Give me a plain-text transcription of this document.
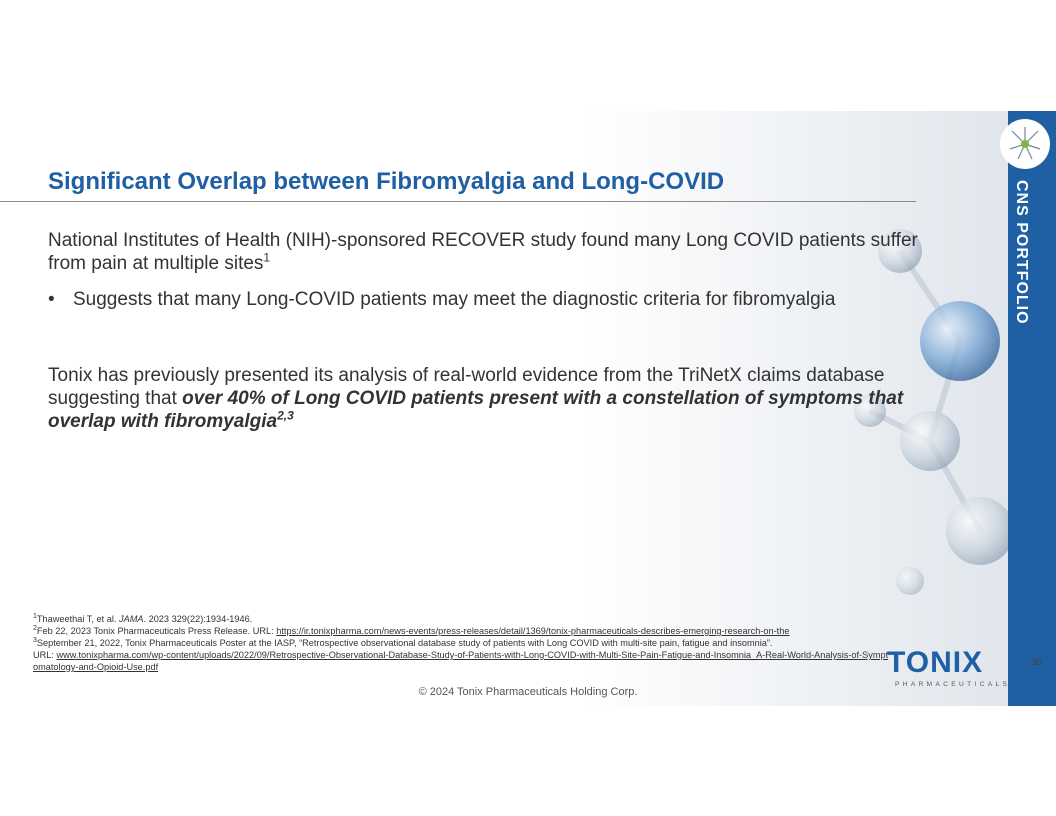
CNS PORTFOLIO
Significant Overlap between Fibromyalgia and Long-COVID
National Institutes of Health (NIH)-sponsored RECOVER study found many Long COVID patients suffer from pain at multiple sites$^1$
• Suggests that many Long-COVID patients may meet the diagnostic criteria for fibromyalgia
Tonix has previously presented its analysis of real-world evidence from the TriNetX claims database suggesting that over 40% of Long COVID patients present with a constellation of symptoms that overlap with fibromyalgia$^{2,3}$
$^1$Thaweethai T, et al. JAMA. 2023 329(22):1934-1946.
$^2$Feb 22, 2023 Tonix Pharmaceuticals Press Release. URL: https://ir.tonixpharma.com/news-events/press-releases/detail/1369/tonix-pharmaceuticals-describes-emerging-research-on-the
$^3$September 21, 2022, Tonix Pharmaceuticals Poster at the IASP, “Retrospective observational database study of patients with Long COVID with multi-site pain, fatigue and insomnia”.
URL: www.tonixpharma.com/wp-content/uploads/2022/09/Retrospective-Observational-Database-Study-of-Patients-with-Long-COVID-with-Multi-Site-Pain-Fatigue-and-Insomnia_A-Real-World-Analysis-of-Symptomatology-and-Opioid-Use.pdf	TONIX
PHARMACEUTICALS
36
© 2024 Tonix Pharmaceuticals Holding Corp.
